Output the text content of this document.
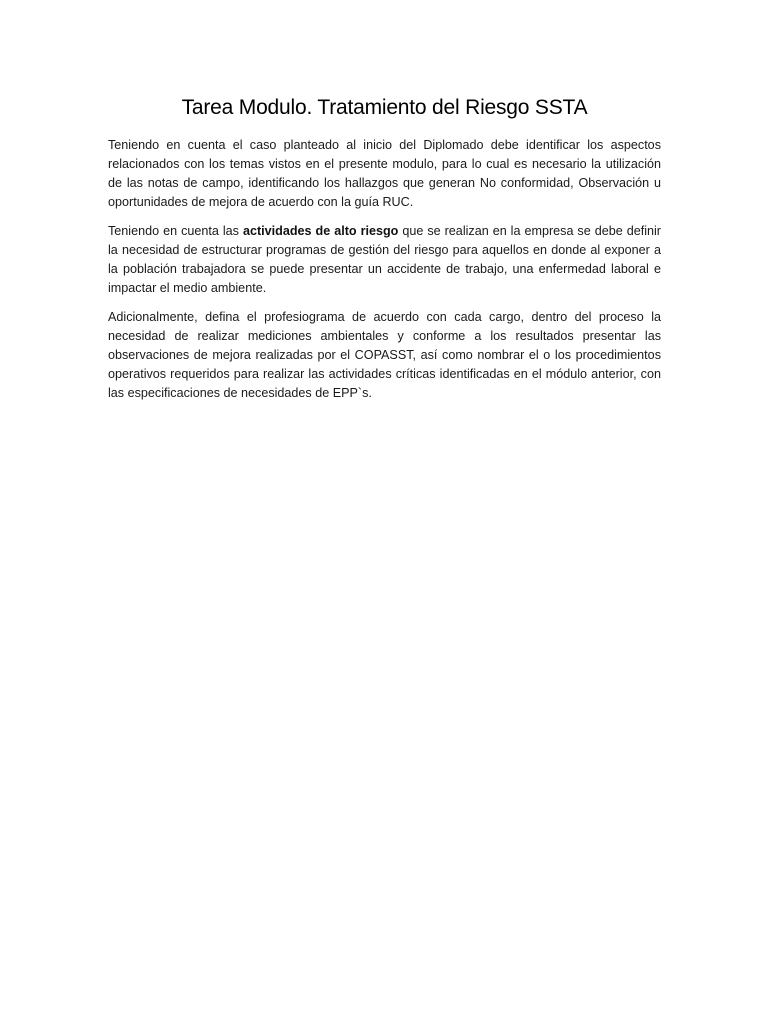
Tarea Modulo. Tratamiento del Riesgo SSTA

Teniendo en cuenta el caso planteado al inicio del Diplomado debe identificar los aspectos relacionados con los temas vistos en el presente modulo, para lo cual es necesario la utilización de las notas de campo, identificando los hallazgos que generan No conformidad, Observación u oportunidades de mejora de acuerdo con la guía RUC.

Teniendo en cuenta las actividades de alto riesgo que se realizan en la empresa se debe definir la necesidad de estructurar programas de gestión del riesgo para aquellos en donde al exponer a la población trabajadora se puede presentar un accidente de trabajo, una enfermedad laboral e impactar el medio ambiente.

Adicionalmente, defina el profesiograma de acuerdo con cada cargo, dentro del proceso la necesidad de realizar mediciones ambientales y conforme a los resultados presentar las observaciones de mejora realizadas por el COPASST, así como nombrar el o los procedimientos operativos requeridos para realizar las actividades críticas identificadas en el módulo anterior, con las especificaciones de necesidades de EPP`s.
